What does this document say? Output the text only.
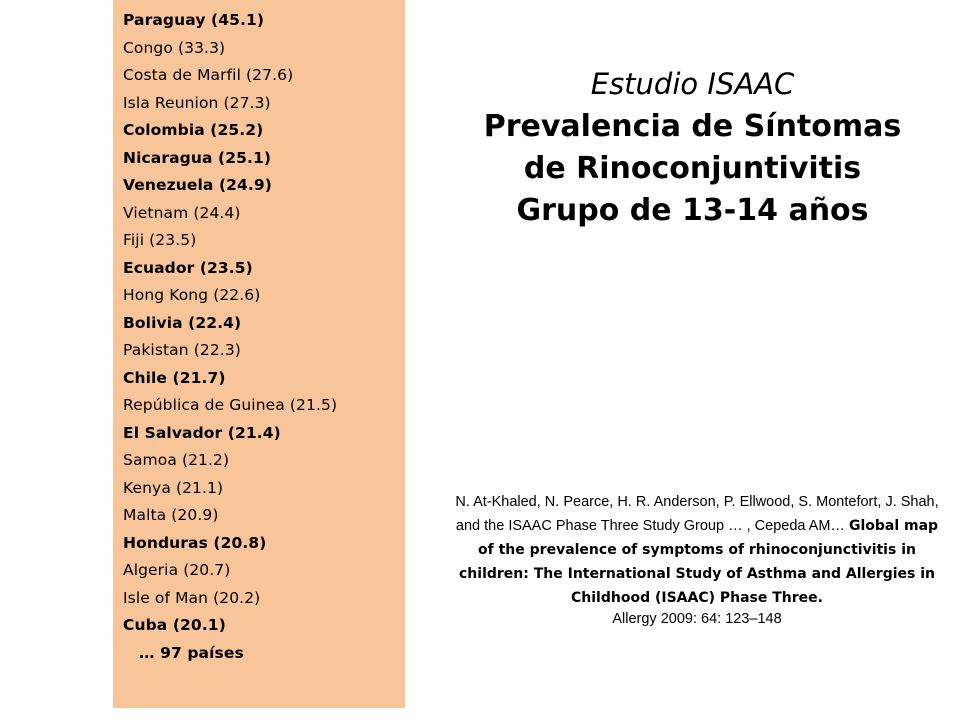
Paraguay (45.1)
Congo (33.3)
Costa de Marfil (27.6)
Isla Reunion (27.3)
Colombia (25.2)
Nicaragua (25.1)
Venezuela (24.9)
Vietnam (24.4)
Fiji (23.5)
Ecuador (23.5)
Hong Kong (22.6)
Bolivia (22.4)
Pakistan (22.3)
Chile (21.7)
República de Guinea (21.5)
El Salvador (21.4)
Samoa (21.2)
Kenya (21.1)
Malta (20.9)
Honduras (20.8)
Algeria (20.7)
Isle of Man (20.2)
Cuba (20.1)
… 97 países
Estudio ISAAC
Prevalencia de Síntomas
de Rinoconjuntivitis
Grupo de 13-14 años
N. At-Khaled, N. Pearce, H. R. Anderson, P. Ellwood, S. Montefort, J. Shah, and the ISAAC Phase Three Study Group … , Cepeda AM… Global map of the prevalence of symptoms of rhinoconjunctivitis in children: The International Study of Asthma and Allergies in Childhood (ISAAC) Phase Three.
Allergy 2009: 64: 123–148
